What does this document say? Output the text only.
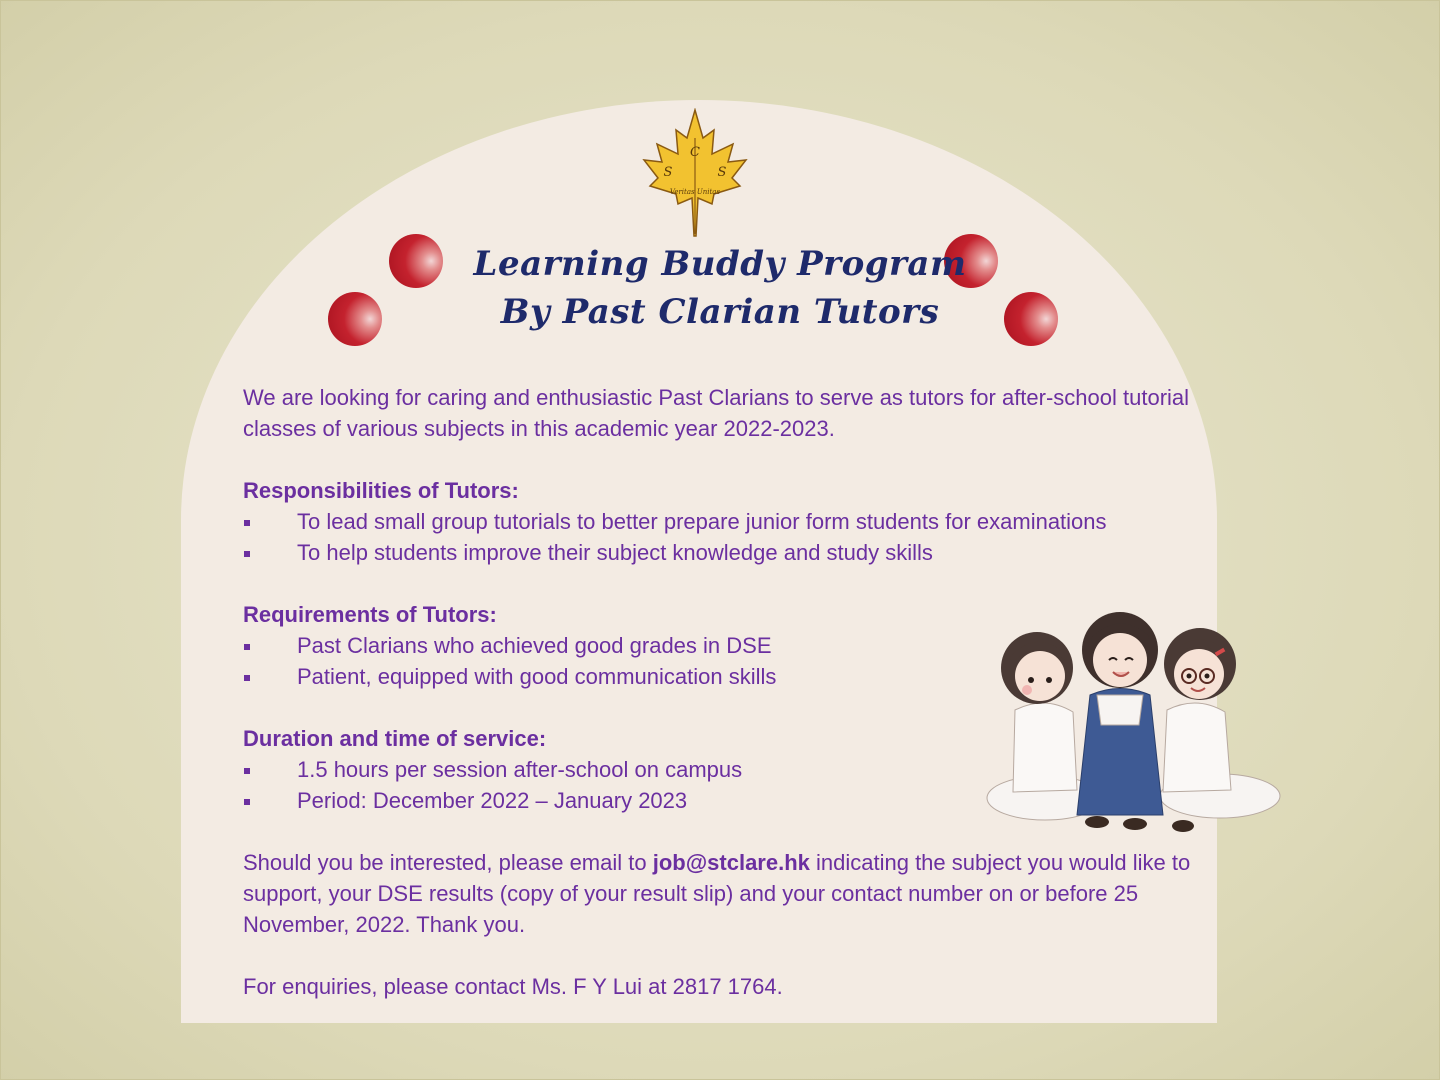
C
S	S
Veritas Unitas
Learning Buddy Program
By Past Clarian Tutors

We are looking for caring and enthusiastic Past Clarians to serve as tutors for after-school tutorial classes of various subjects in this academic year 2022-2023.

Responsibilities of Tutors:

To lead small group tutorials to better prepare junior form students for examinations

To help students improve their subject knowledge and study skills

Requirements of Tutors:

Past Clarians who achieved good grades in DSE

Patient, equipped with good communication skills

Duration and time of service:

1.5 hours per session after-school on campus

Period: December 2022 – January 2023

Should you be interested, please email to job@stclare.hk indicating the subject you would like to support, your DSE results (copy of your result slip) and your contact number on or before 25 November, 2022. Thank you.

For enquiries, please contact Ms. F Y Lui at 2817 1764.
